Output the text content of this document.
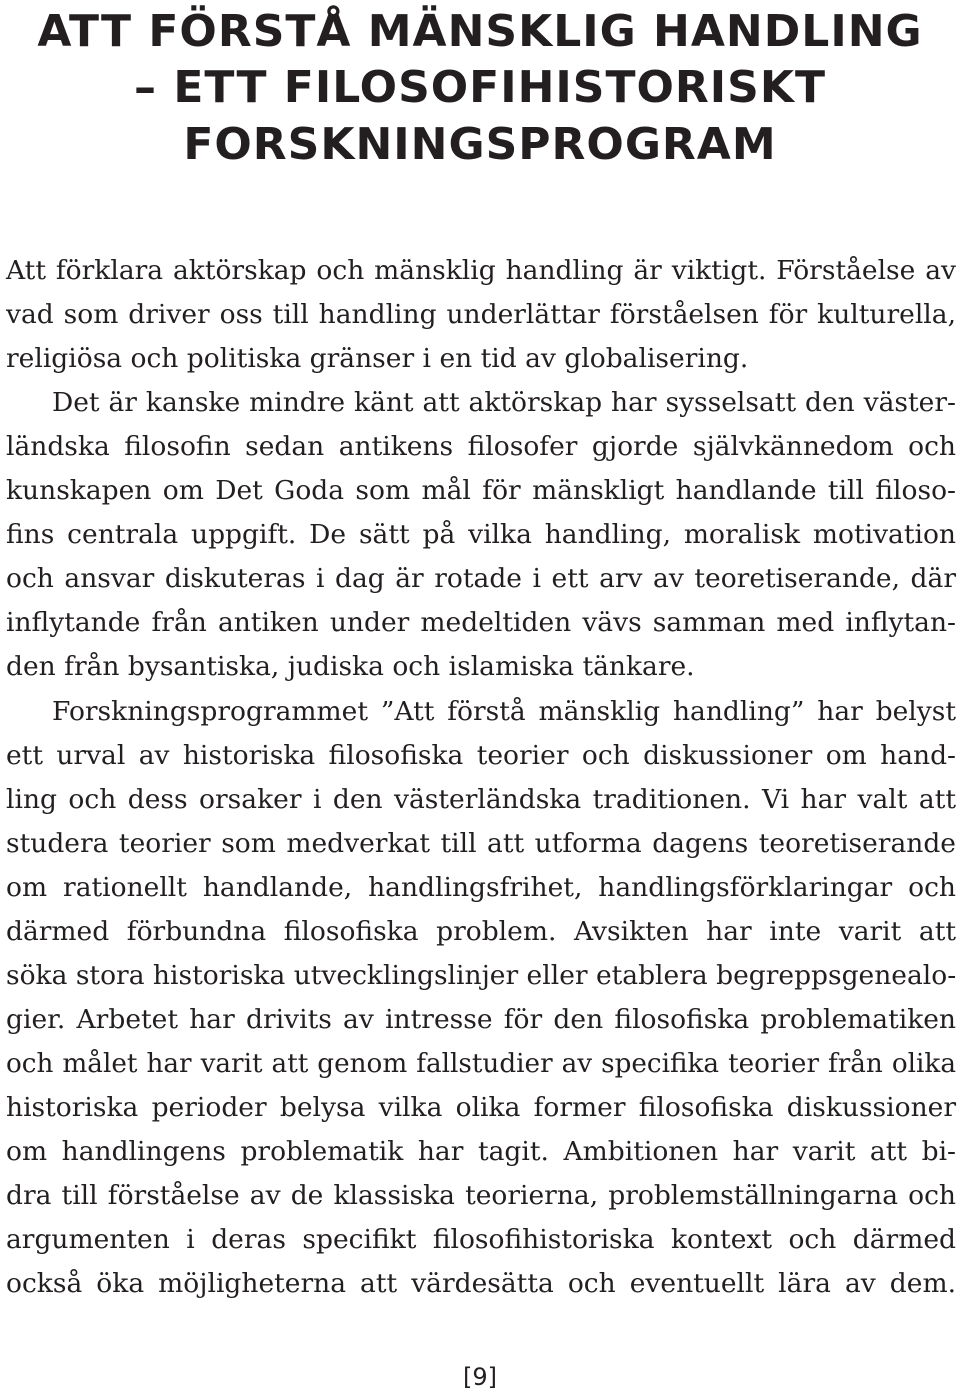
ATT FÖRSTÅ MÄNSKLIG HANDLING
– ETT FILOSOFIHISTORISKT
FORSKNINGSPROGRAM
Att förklara aktörskap och mänsklig handling är viktigt. Förståelse av
vad som driver oss till handling underlättar förståelsen för kulturella,
religiösa och politiska gränser i en tid av globalisering.
Det är kanske mindre känt att aktörskap har sysselsatt den väster-
ländska filosofin sedan antikens filosofer gjorde självkännedom och
kunskapen om Det Goda som mål för mänskligt handlande till filoso-
fins centrala uppgift. De sätt på vilka handling, moralisk motivation
och ansvar diskuteras i dag är rotade i ett arv av teoretiserande, där
inflytande från antiken under medeltiden vävs samman med inflytan-
den från bysantiska, judiska och islamiska tänkare.
Forskningsprogrammet ”Att förstå mänsklig handling” har belyst
ett urval av historiska filosofiska teorier och diskussioner om hand-
ling och dess orsaker i den västerländska traditionen. Vi har valt att
studera teorier som medverkat till att utforma dagens teoretiserande
om rationellt handlande, handlingsfrihet, handlingsförklaringar och
därmed förbundna filosofiska problem. Avsikten har inte varit att
söka stora historiska utvecklingslinjer eller etablera begreppsgenealo-
gier. Arbetet har drivits av intresse för den filosofiska problematiken
och målet har varit att genom fallstudier av specifika teorier från olika
historiska perioder belysa vilka olika former filosofiska diskussioner
om handlingens problematik har tagit. Ambitionen har varit att bi-
dra till förståelse av de klassiska teorierna, problemställningarna och
argumenten i deras specifikt filosofihistoriska kontext och därmed
också öka möjligheterna att värdesätta och eventuellt lära av dem.
[9]
